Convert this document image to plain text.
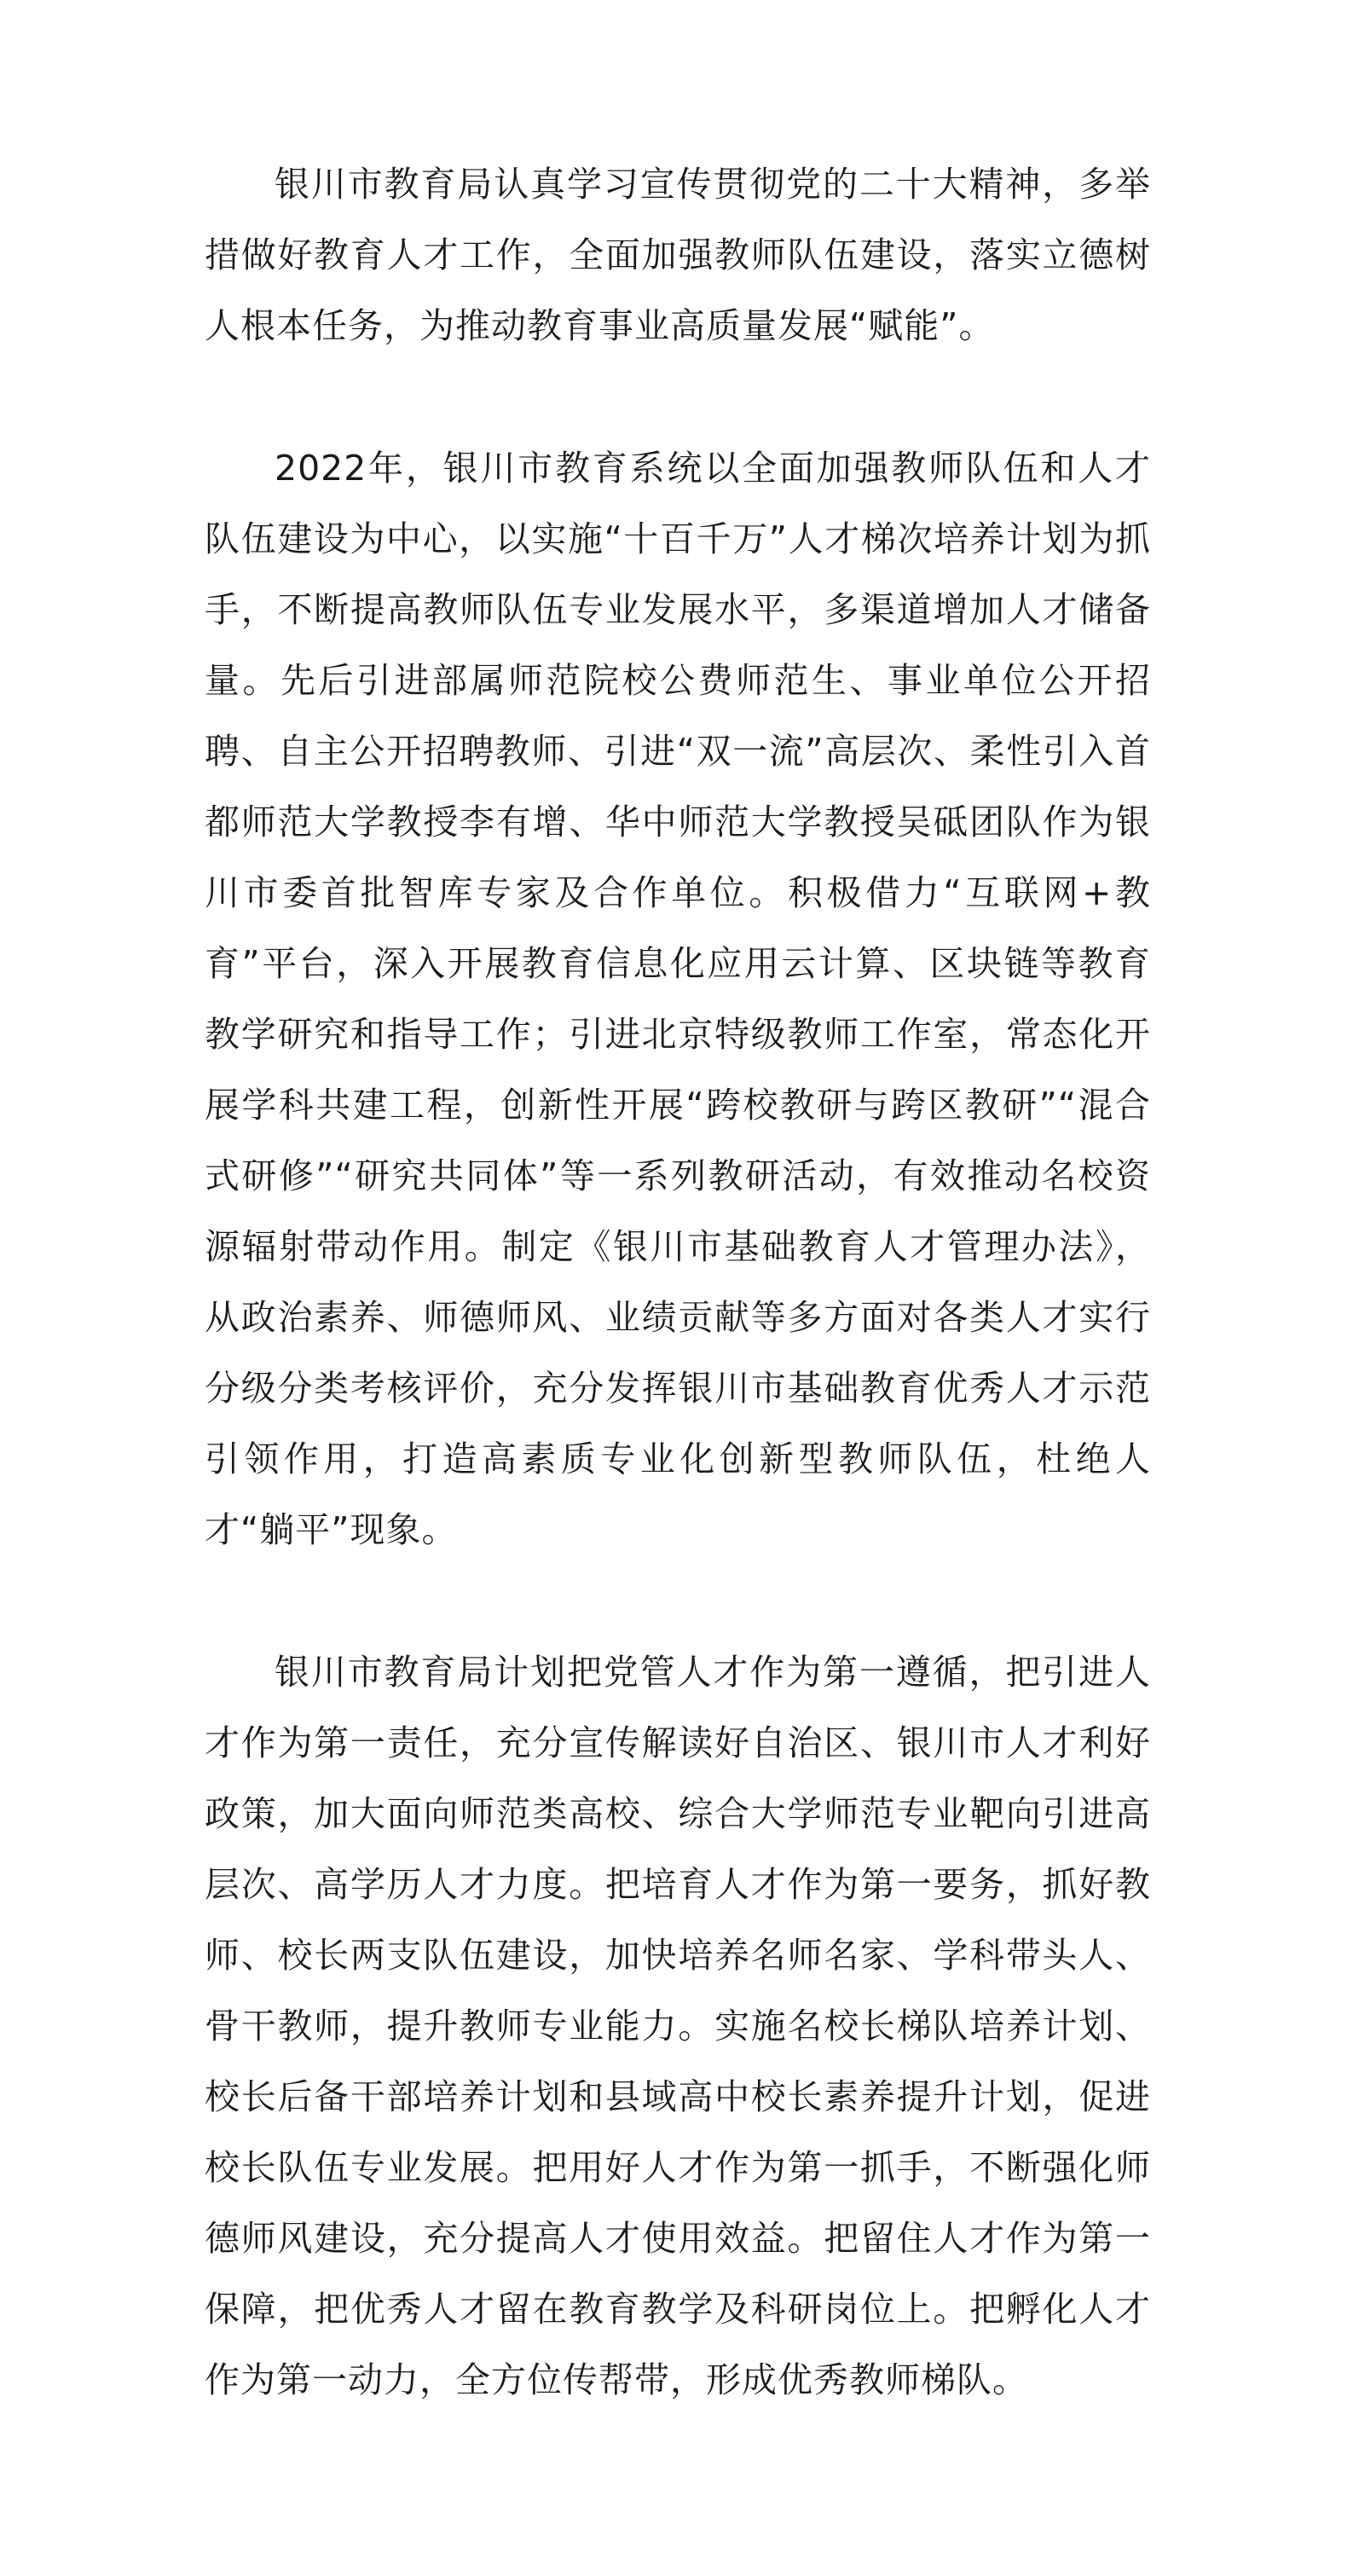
银川市教育局认真学习宣传贯彻党的二十大精神，多举措做好教育人才工作，全面加强教师队伍建设，落实立德树人根本任务，为推动教育事业高质量发展“赋能”。

2022年，银川市教育系统以全面加强教师队伍和人才队伍建设为中心，以实施“十百千万”人才梯次培养计划为抓手，不断提高教师队伍专业发展水平，多渠道增加人才储备量。先后引进部属师范院校公费师范生、事业单位公开招聘、自主公开招聘教师、引进“双一流”高层次、柔性引入首都师范大学教授李有增、华中师范大学教授吴砥团队作为银川市委首批智库专家及合作单位。积极借力“互联网+教育”平台，深入开展教育信息化应用云计算、区块链等教育教学研究和指导工作；引进北京特级教师工作室，常态化开展学科共建工程，创新性开展“跨校教研与跨区教研”“混合式研修”“研究共同体”等一系列教研活动，有效推动名校资源辐射带动作用。制定《银川市基础教育人才管理办法》，从政治素养、师德师风、业绩贡献等多方面对各类人才实行分级分类考核评价，充分发挥银川市基础教育优秀人才示范引领作用，打造高素质专业化创新型教师队伍，杜绝人才“躺平”现象。

银川市教育局计划把党管人才作为第一遵循，把引进人才作为第一责任，充分宣传解读好自治区、银川市人才利好政策，加大面向师范类高校、综合大学师范专业靶向引进高层次、高学历人才力度。把培育人才作为第一要务，抓好教师、校长两支队伍建设，加快培养名师名家、学科带头人、骨干教师，提升教师专业能力。实施名校长梯队培养计划、校长后备干部培养计划和县域高中校长素养提升计划，促进校长队伍专业发展。把用好人才作为第一抓手，不断强化师德师风建设，充分提高人才使用效益。把留住人才作为第一保障，把优秀人才留在教育教学及科研岗位上。把孵化人才作为第一动力，全方位传帮带，形成优秀教师梯队。
